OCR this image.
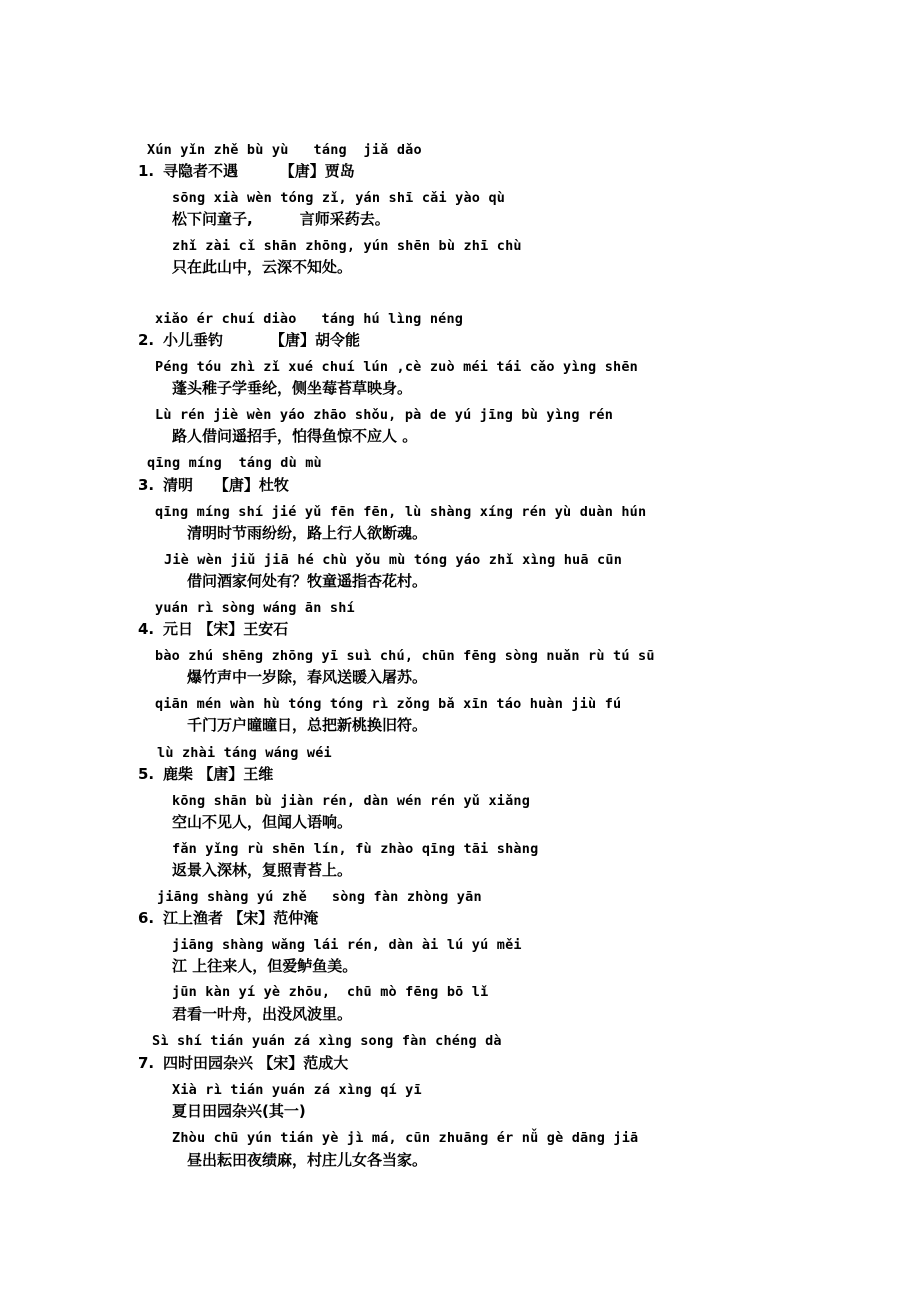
Xún yǐn zhě bù yù   táng  jiǎ dǎo
1. 寻隐者不遇        【唐】贾岛
sōng xià wèn tóng zǐ, yán shī cǎi yào qù
松下问童子,         言师采药去。
zhǐ zài cǐ shān zhōng, yún shēn bù zhī chù
只在此山中，云深不知处。
xiǎo ér chuí diào   táng hú lìng néng
2. 小儿垂钓         【唐】胡令能
Péng tóu zhì zǐ xué chuí lún ,cè zuò méi tái cǎo yìng shēn
蓬头稚子学垂纶，侧坐莓苔草映身。
Lù rén jiè wèn yáo zhāo shǒu, pà de yú jīng bù yìng rén
路人借问遥招手，怕得鱼惊不应人 。
qīng míng  táng dù mù
3. 清明    【唐】杜牧
qīng míng shí jié yǔ fēn fēn, lù shàng xíng rén yù duàn hún
清明时节雨纷纷，路上行人欲断魂。
Jiè wèn jiǔ jiā hé chù yǒu mù tóng yáo zhǐ xìng huā cūn
借问酒家何处有？牧童遥指杏花村。
yuán rì sòng wáng ān shí
4. 元日 【宋】王安石
bào zhú shēng zhōng yī suì chú, chūn fēng sòng nuǎn rù tú sū
爆竹声中一岁除，春风送暖入屠苏。
qiān mén wàn hù tóng tóng rì zǒng bǎ xīn táo huàn jiù fú
千门万户曈曈日，总把新桃换旧符。
lù zhài táng wáng wéi
5. 鹿柴 【唐】王维
kōng shān bù jiàn rén, dàn wén rén yǔ xiǎng
空山不见人，但闻人语响。
fǎn yǐng rù shēn lín, fù zhào qīng tāi shàng
返景入深林，复照青苔上。
jiāng shàng yú zhě   sòng fàn zhòng yān
6. 江上渔者 【宋】范仲淹
jiāng shàng wǎng lái rén, dàn ài lú yú měi
江 上往来人，但爱鲈鱼美。
jūn kàn yí yè zhōu,  chū mò fēng bō lǐ
君看一叶舟，出没风波里。
Sì shí tián yuán zá xìng song fàn chéng dà
7. 四时田园杂兴 【宋】范成大
Xià rì tián yuán zá xìng qí yī
夏日田园杂兴(其一)
Zhòu chū yún tián yè jì má, cūn zhuāng ér nǚ gè dāng jiā
昼出耘田夜绩麻，村庄儿女各当家。
